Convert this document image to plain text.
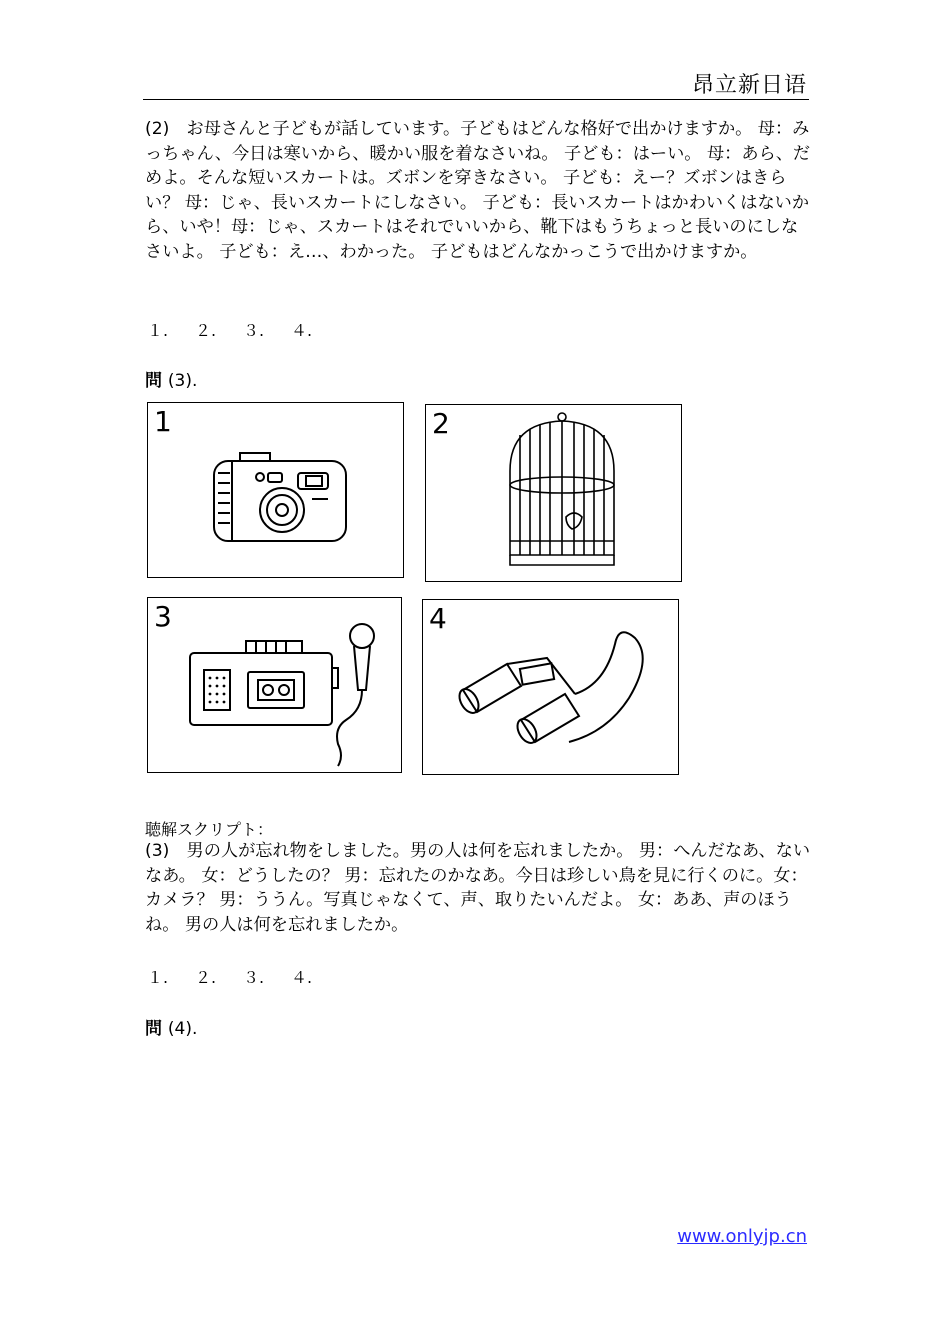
昂立新日语

(2)　お母さんと子どもが話しています。子どもはどんな格好で出かけますか。 母：みっちゃん、今日は寒いから、暖かい服を着なさいね。 子ども：はーい。 母：あら、だめよ。そんな短いスカートは。ズボンを穿きなさい。 子ども：えー？ズボンはきらい？ 母：じゃ、長いスカートにしなさい。 子ども：長いスカートはかわいくはないから、いや！母：じゃ、スカートはそれでいいから、靴下はもうちょっと長いのにしなさいよ。 子ども：え…、わかった。 子どもはどんなかっこうで出かけますか。

１. ２. ３. ４.
問 (3).
1	2
3	4
聴解スクリプト：

(3)　男の人が忘れ物をしました。男の人は何を忘れましたか。 男：へんだなあ、ないなあ。 女：どうしたの？ 男：忘れたのかなあ。今日は珍しい鳥を見に行くのに。女：カメラ？ 男：ううん。写真じゃなくて、声、取りたいんだよ。 女：ああ、声のほうね。 男の人は何を忘れましたか。

１. ２. ３. ４.
問 (4).
www.onlyjp.cn
